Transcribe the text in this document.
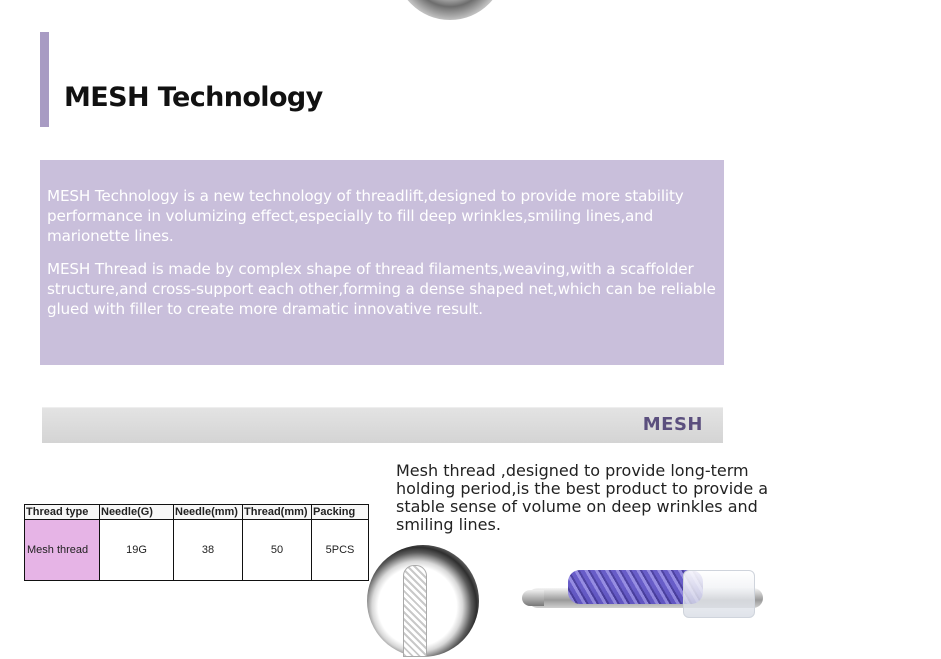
MESH Technology

MESH Technology is a new technology of threadlift,designed to provide more stability performance in volumizing effect,especially to fill deep wrinkles,smiling lines,and marionette lines.

MESH Thread is made by complex shape of thread filaments,weaving,with a scaffolder structure,and cross-support each other,forming a dense shaped net,which can be reliable glued with filler to create more dramatic innovative result.

MESH
Thread type	Needle(G)	Needle(mm)	Thread(mm)	Packing
Mesh thread	19G	38	50	5PCS

Mesh thread ,designed to provide long-term holding period,is the best product to provide a stable sense of volume on deep wrinkles and smiling lines.
